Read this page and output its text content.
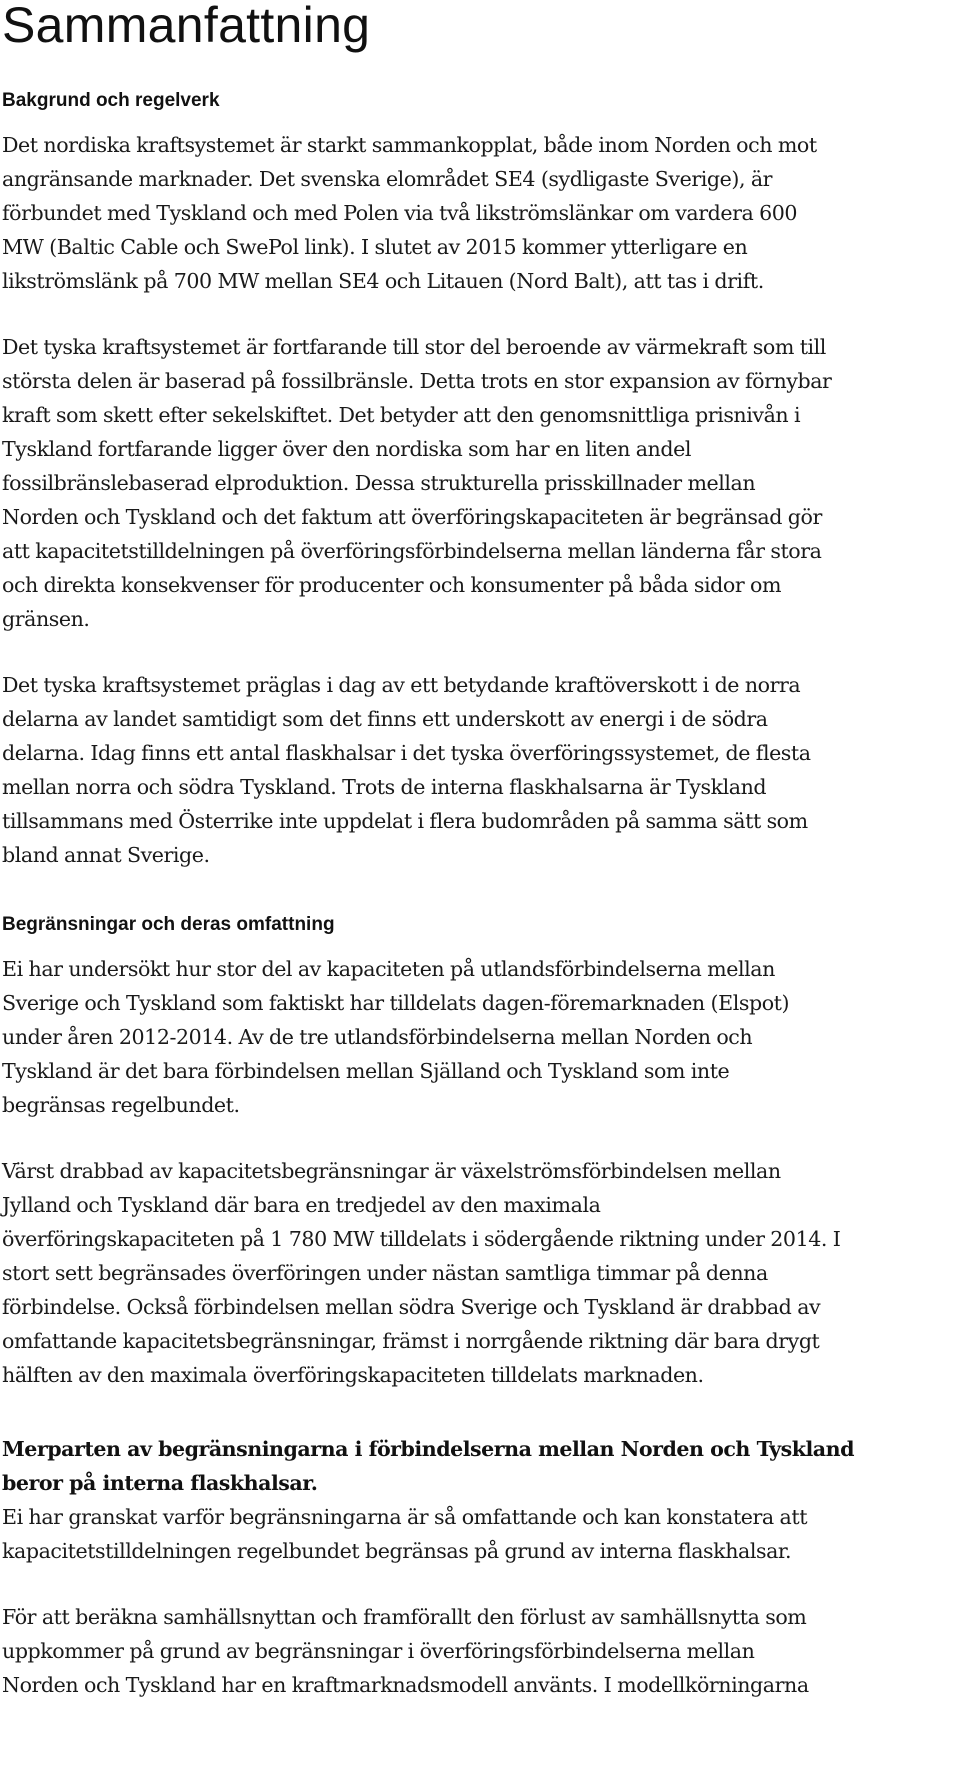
Sammanfattning
Bakgrund och regelverk

Det nordiska kraftsystemet är starkt sammankopplat, både inom Norden och mot
angränsande marknader. Det svenska elområdet SE4 (sydligaste Sverige), är
förbundet med Tyskland och med Polen via två likströmslänkar om vardera 600
MW (Baltic Cable och SwePol link). I slutet av 2015 kommer ytterligare en
likströmslänk på 700 MW mellan SE4 och Litauen (Nord Balt), att tas i drift.

Det tyska kraftsystemet är fortfarande till stor del beroende av värmekraft som till
största delen är baserad på fossilbränsle. Detta trots en stor expansion av förnybar
kraft som skett efter sekelskiftet. Det betyder att den genomsnittliga prisnivån i
Tyskland fortfarande ligger över den nordiska som har en liten andel
fossilbränslebaserad elproduktion. Dessa strukturella prisskillnader mellan
Norden och Tyskland och det faktum att överföringskapaciteten är begränsad gör
att kapacitetstilldelningen på överföringsförbindelserna mellan länderna får stora
och direkta konsekvenser för producenter och konsumenter på båda sidor om
gränsen.

Det tyska kraftsystemet präglas i dag av ett betydande kraftöverskott i de norra
delarna av landet samtidigt som det finns ett underskott av energi i de södra
delarna. Idag finns ett antal flaskhalsar i det tyska överföringssystemet, de flesta
mellan norra och södra Tyskland. Trots de interna flaskhalsarna är Tyskland
tillsammans med Österrike inte uppdelat i flera budområden på samma sätt som
bland annat Sverige.

Begränsningar och deras omfattning

Ei har undersökt hur stor del av kapaciteten på utlandsförbindelserna mellan
Sverige och Tyskland som faktiskt har tilldelats dagen-föremarknaden (Elspot)
under åren 2012-2014. Av de tre utlandsförbindelserna mellan Norden och
Tyskland är det bara förbindelsen mellan Själland och Tyskland som inte
begränsas regelbundet.

Värst drabbad av kapacitetsbegränsningar är växelströmsförbindelsen mellan
Jylland och Tyskland där bara en tredjedel av den maximala
överföringskapaciteten på 1 780 MW tilldelats i södergående riktning under 2014. I
stort sett begränsades överföringen under nästan samtliga timmar på denna
förbindelse. Också förbindelsen mellan södra Sverige och Tyskland är drabbad av
omfattande kapacitetsbegränsningar, främst i norrgående riktning där bara drygt
hälften av den maximala överföringskapaciteten tilldelats marknaden.

Merparten av begränsningarna i förbindelserna mellan Norden och Tyskland
beror på interna flaskhalsar.

Ei har granskat varför begränsningarna är så omfattande och kan konstatera att
kapacitetstilldelningen regelbundet begränsas på grund av interna flaskhalsar.

För att beräkna samhällsnyttan och framförallt den förlust av samhällsnytta som
uppkommer på grund av begränsningar i överföringsförbindelserna mellan
Norden och Tyskland har en kraftmarknadsmodell använts. I modellkörningarna
